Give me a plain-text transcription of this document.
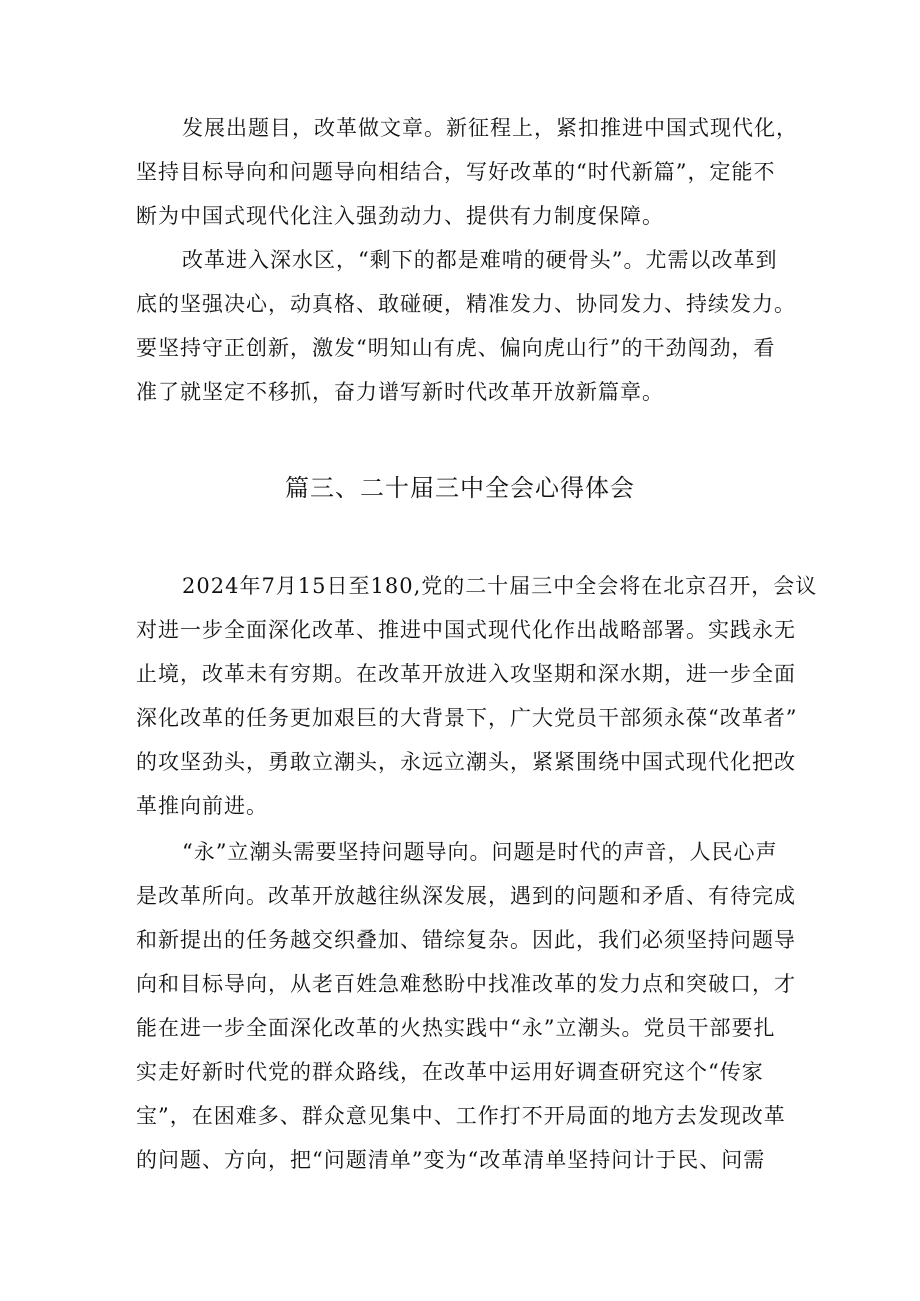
发展出题目，改革做文章。新征程上，紧扣推进中国式现代化，

坚持目标导向和问题导向相结合，写好改革的“时代新篇”，定能不

断为中国式现代化注入强劲动力、提供有力制度保障。

改革进入深水区，“剩下的都是难啃的硬骨头”。尤需以改革到

底的坚强决心，动真格、敢碰硬，精准发力、协同发力、持续发力。

要坚持守正创新，激发“明知山有虎、偏向虎山行”的干劲闯劲，看

准了就坚定不移抓，奋力谱写新时代改革开放新篇章。

篇三、二十届三中全会心得体会

2024年7月15日至180,党的二十届三中全会将在北京召开，会议

对进一步全面深化改革、推进中国式现代化作出战略部署。实践永无

止境，改革未有穷期。在改革开放进入攻坚期和深水期，进一步全面

深化改革的任务更加艰巨的大背景下，广大党员干部须永葆“改革者”

的攻坚劲头，勇敢立潮头，永远立潮头，紧紧围绕中国式现代化把改

革推向前进。

“永”立潮头需要坚持问题导向。问题是时代的声音，人民心声

是改革所向。改革开放越往纵深发展，遇到的问题和矛盾、有待完成

和新提出的任务越交织叠加、错综复杂。因此，我们必须坚持问题导

向和目标导向，从老百姓急难愁盼中找准改革的发力点和突破口，才

能在进一步全面深化改革的火热实践中“永”立潮头。党员干部要扎

实走好新时代党的群众路线，在改革中运用好调查研究这个“传家

宝”，在困难多、群众意见集中、工作打不开局面的地方去发现改革

的问题、方向，把“问题清单”变为“改革清单坚持问计于民、问需
